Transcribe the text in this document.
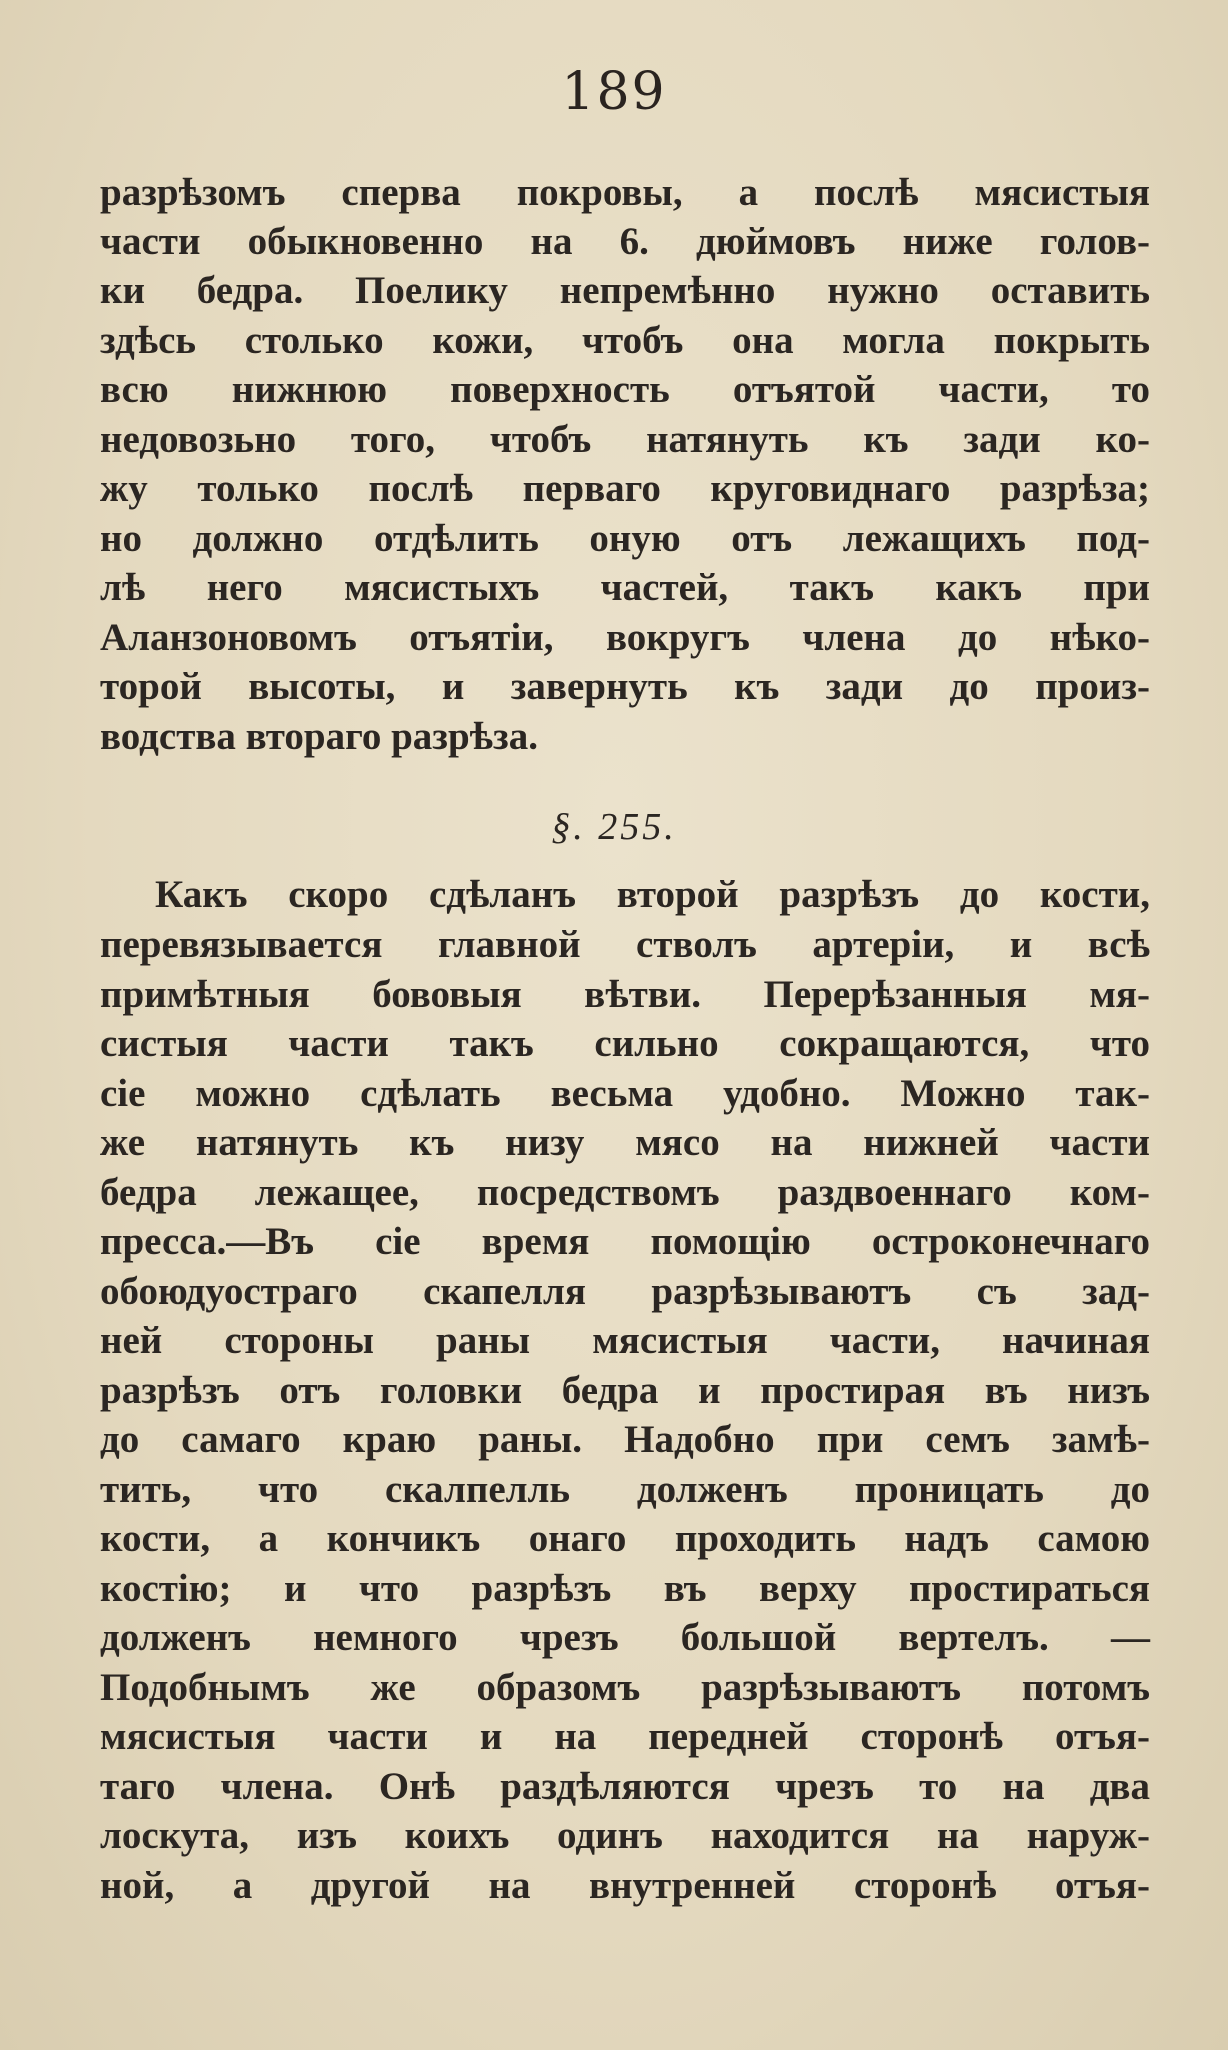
189
разрѣзомъ сперва покровы, а послѣ мясистыя
части обыкновенно на 6. дюймовъ ниже голов-
ки бедра. Поелику непремѣнно нужно оставить
здѣсь столько кожи, чтобъ она могла покрыть
всю нижнюю поверхность отъятой части, то
недовозьно того, чтобъ натянуть къ зади ко-
жу только послѣ перваго круговиднаго разрѣза;
но должно отдѣлить оную отъ лежащихъ под-
лѣ него мясистыхъ частей, такъ какъ при
Аланзоновомъ отъятіи, вокругъ члена до нѣко-
торой высоты, и завернуть къ зади до произ-
водства втораго разрѣза.
§. 255.
Какъ скоро сдѣланъ второй разрѣзъ до кости,
перевязывается главной стволъ артеріи, и всѣ
примѣтныя бововыя вѣтви. Перерѣзанныя мя-
систыя части такъ сильно сокращаются, что
сіе можно сдѣлать весьма удобно. Можно так-
же натянуть къ низу мясо на нижней части
бедра лежащее, посредствомъ раздвоеннаго ком-
пресса.—Въ сіе время помощію остроконечнаго
обоюдуостраго скапелля разрѣзываютъ съ зад-
ней стороны раны мясистыя части, начиная
разрѣзъ отъ головки бедра и простирая въ низъ
до самаго краю раны. Надобно при семъ замѣ-
тить, что скалпелль долженъ проницать до
кости, а кончикъ онаго проходить надъ самою
костію; и что разрѣзъ въ верху простираться
долженъ немного чрезъ большой вертелъ. —
Подобнымъ же образомъ разрѣзываютъ потомъ
мясистыя части и на передней сторонѣ отъя-
таго члена. Онѣ раздѣляются чрезъ то на два
лоскута, изъ коихъ одинъ находится на наруж-
ной, а другой на внутренней сторонѣ отъя-
